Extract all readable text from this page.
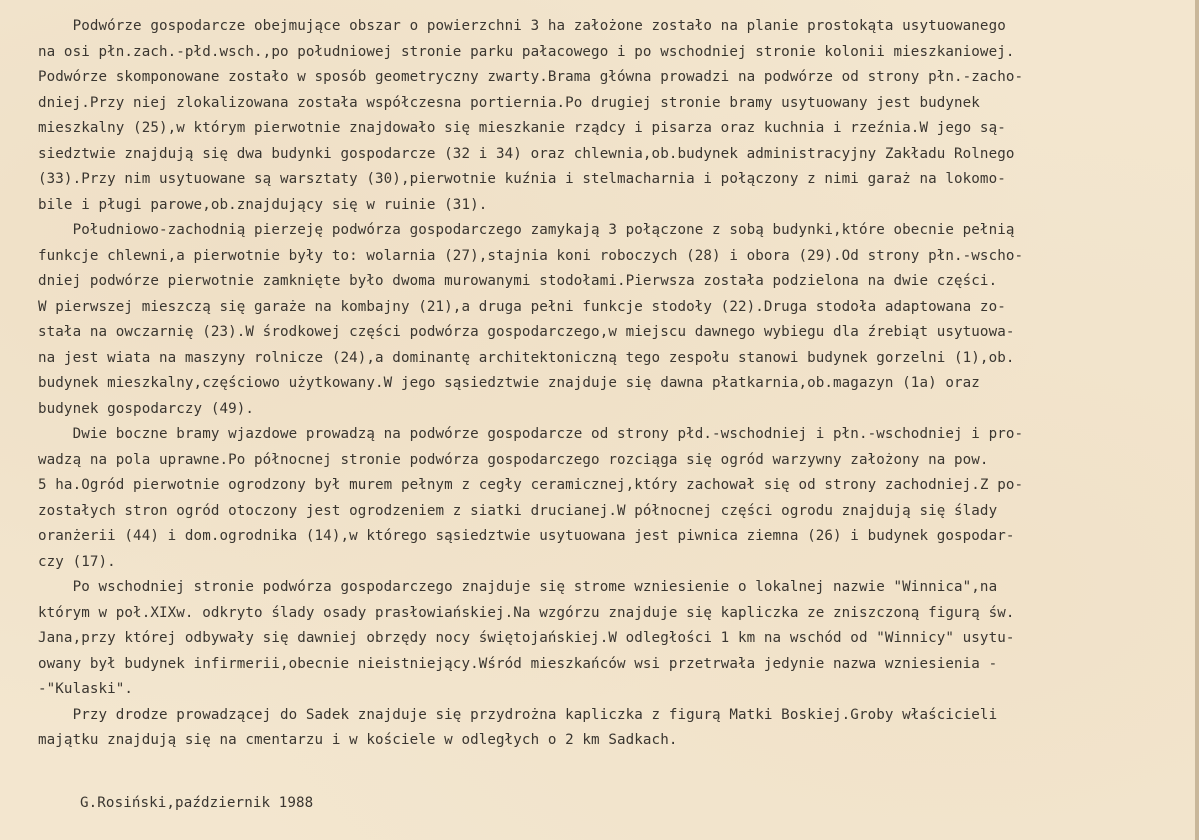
Podwórze gospodarcze obejmujące obszar o powierzchni 3 ha założone zostało na planie prostokąta usytuowanego
na osi płn.zach.-płd.wsch.,po południowej stronie parku pałacowego i po wschodniej stronie kolonii mieszkaniowej.
Podwórze skomponowane zostało w sposób geometryczny zwarty.Brama główna prowadzi na podwórze od strony płn.-zacho-
dniej.Przy niej zlokalizowana została współczesna portiernia.Po drugiej stronie bramy usytuowany jest budynek
mieszkalny (25),w którym pierwotnie znajdowało się mieszkanie rządcy i pisarza oraz kuchnia i rzeźnia.W jego są-
siedztwie znajdują się dwa budynki gospodarcze (32 i 34) oraz chlewnia,ob.budynek administracyjny Zakładu Rolnego
(33).Przy nim usytuowane są warsztaty (30),pierwotnie kuźnia i stelmacharnia i połączony z nimi garaż na lokomo-
bile i pługi parowe,ob.znajdujący się w ruinie (31).
Południowo-zachodnią pierzeję podwórza gospodarczego zamykają 3 połączone z sobą budynki,które obecnie pełnią
funkcje chlewni,a pierwotnie były to: wolarnia (27),stajnia koni roboczych (28) i obora (29).Od strony płn.-wscho-
dniej podwórze pierwotnie zamknięte było dwoma murowanymi stodołami.Pierwsza została podzielona na dwie części.
W pierwszej mieszczą się garaże na kombajny (21),a druga pełni funkcje stodoły (22).Druga stodoła adaptowana zo-
stała na owczarnię (23).W środkowej części podwórza gospodarczego,w miejscu dawnego wybiegu dla źrebiąt usytuowa-
na jest wiata na maszyny rolnicze (24),a dominantę architektoniczną tego zespołu stanowi budynek gorzelni (1),ob.
budynek mieszkalny,częściowo użytkowany.W jego sąsiedztwie znajduje się dawna płatkarnia,ob.magazyn (1a) oraz
budynek gospodarczy (49).
Dwie boczne bramy wjazdowe prowadzą na podwórze gospodarcze od strony płd.-wschodniej i płn.-wschodniej i pro-
wadzą na pola uprawne.Po północnej stronie podwórza gospodarczego rozciąga się ogród warzywny założony na pow.
5 ha.Ogród pierwotnie ogrodzony był murem pełnym z cegły ceramicznej,który zachował się od strony zachodniej.Z po-
zostałych stron ogród otoczony jest ogrodzeniem z siatki drucianej.W północnej części ogrodu znajdują się ślady
oranżerii (44) i dom.ogrodnika (14),w którego sąsiedztwie usytuowana jest piwnica ziemna (26) i budynek gospodar-
czy (17).
Po wschodniej stronie podwórza gospodarczego znajduje się strome wzniesienie o lokalnej nazwie "Winnica",na
którym w poł.XIXw. odkryto ślady osady prasłowiańskiej.Na wzgórzu znajduje się kapliczka ze zniszczoną figurą św.
Jana,przy której odbywały się dawniej obrzędy nocy świętojańskiej.W odległości 1 km na wschód od "Winnicy" usytu-
owany był budynek infirmerii,obecnie nieistniejący.Wśród mieszkańców wsi przetrwała jedynie nazwa wzniesienia -
-"Kulaski".
Przy drodze prowadzącej do Sadek znajduje się przydrożna kapliczka z figurą Matki Boskiej.Groby właścicieli
majątku znajdują się na cmentarzu i w kościele w odległych o 2 km Sadkach.
G.Rosiński,październik 1988
